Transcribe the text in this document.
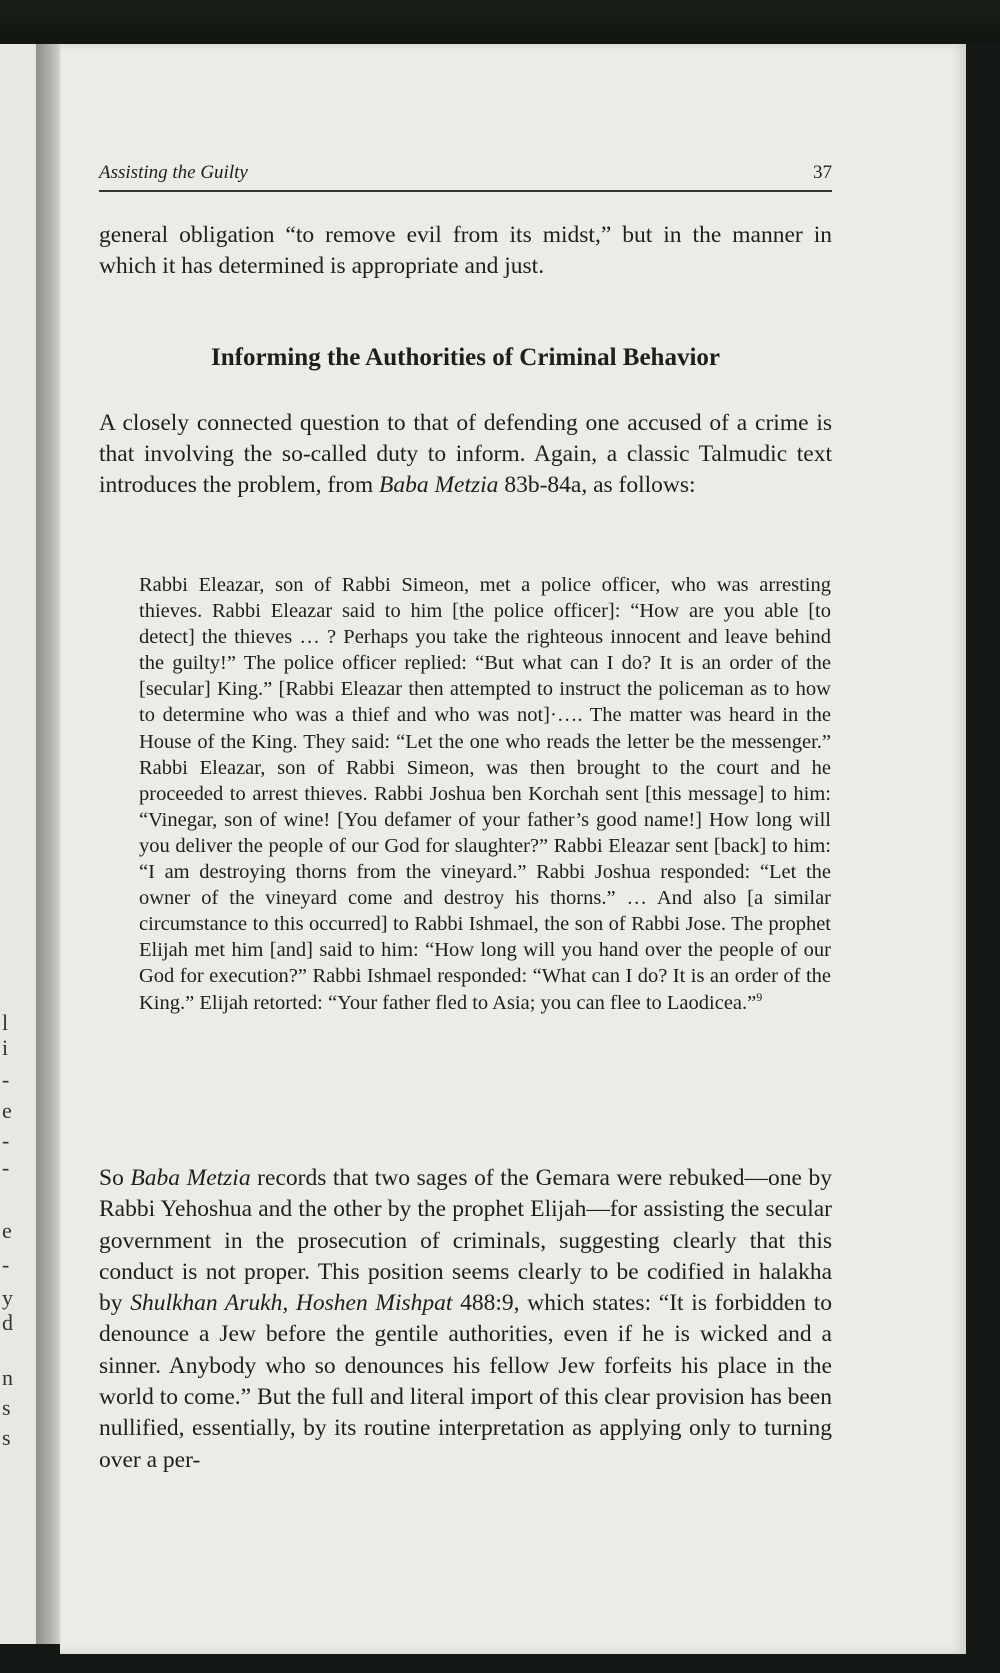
l
i
-
e
-
-
e
-
y
d
n
s
s
Assisting the Guilty	37
general obligation “to remove evil from its midst,” but in the manner in which it has determined is appropriate and just.
Informing the Authorities of Criminal Behavior
A closely connected question to that of defending one accused of a crime is that involving the so-called duty to inform. Again, a classic Talmudic text introduces the problem, from Baba Metzia 83b-84a, as follows:
Rabbi Eleazar, son of Rabbi Simeon, met a police officer, who was arresting thieves. Rabbi Eleazar said to him [the police officer]: “How are you able [to detect] the thieves … ? Perhaps you take the righteous innocent and leave behind the guilty!” The police officer replied: “But what can I do? It is an order of the [secular] King.” [Rabbi Eleazar then attempted to instruct the policeman as to how to determine who was a thief and who was not]·…. The matter was heard in the House of the King. They said: “Let the one who reads the letter be the messenger.” Rabbi Eleazar, son of Rabbi Simeon, was then brought to the court and he proceeded to arrest thieves. Rabbi Joshua ben Korchah sent [this message] to him: “Vinegar, son of wine! [You defamer of your father’s good name!] How long will you deliver the people of our God for slaughter?” Rabbi Eleazar sent [back] to him: “I am destroying thorns from the vineyard.” Rabbi Joshua responded: “Let the owner of the vineyard come and destroy his thorns.” … And also [a similar circumstance to this occurred] to Rabbi Ishmael, the son of Rabbi Jose. The prophet Elijah met him [and] said to him: “How long will you hand over the people of our God for execution?” Rabbi Ishmael responded: “What can I do? It is an order of the King.” Elijah retorted: “Your father fled to Asia; you can flee to Laodicea.”$^9$
So Baba Metzia records that two sages of the Gemara were rebuked—one by Rabbi Yehoshua and the other by the prophet Elijah—for assisting the secular government in the prosecution of criminals, suggesting clearly that this conduct is not proper. This position seems clearly to be codified in halakha by Shulkhan Arukh, Hoshen Mishpat 488:9, which states: “It is forbidden to denounce a Jew before the gentile authorities, even if he is wicked and a sinner. Anybody who so denounces his fellow Jew forfeits his place in the world to come.” But the full and literal import of this clear provision has been nullified, essentially, by its routine interpretation as applying only to turning over a per-
